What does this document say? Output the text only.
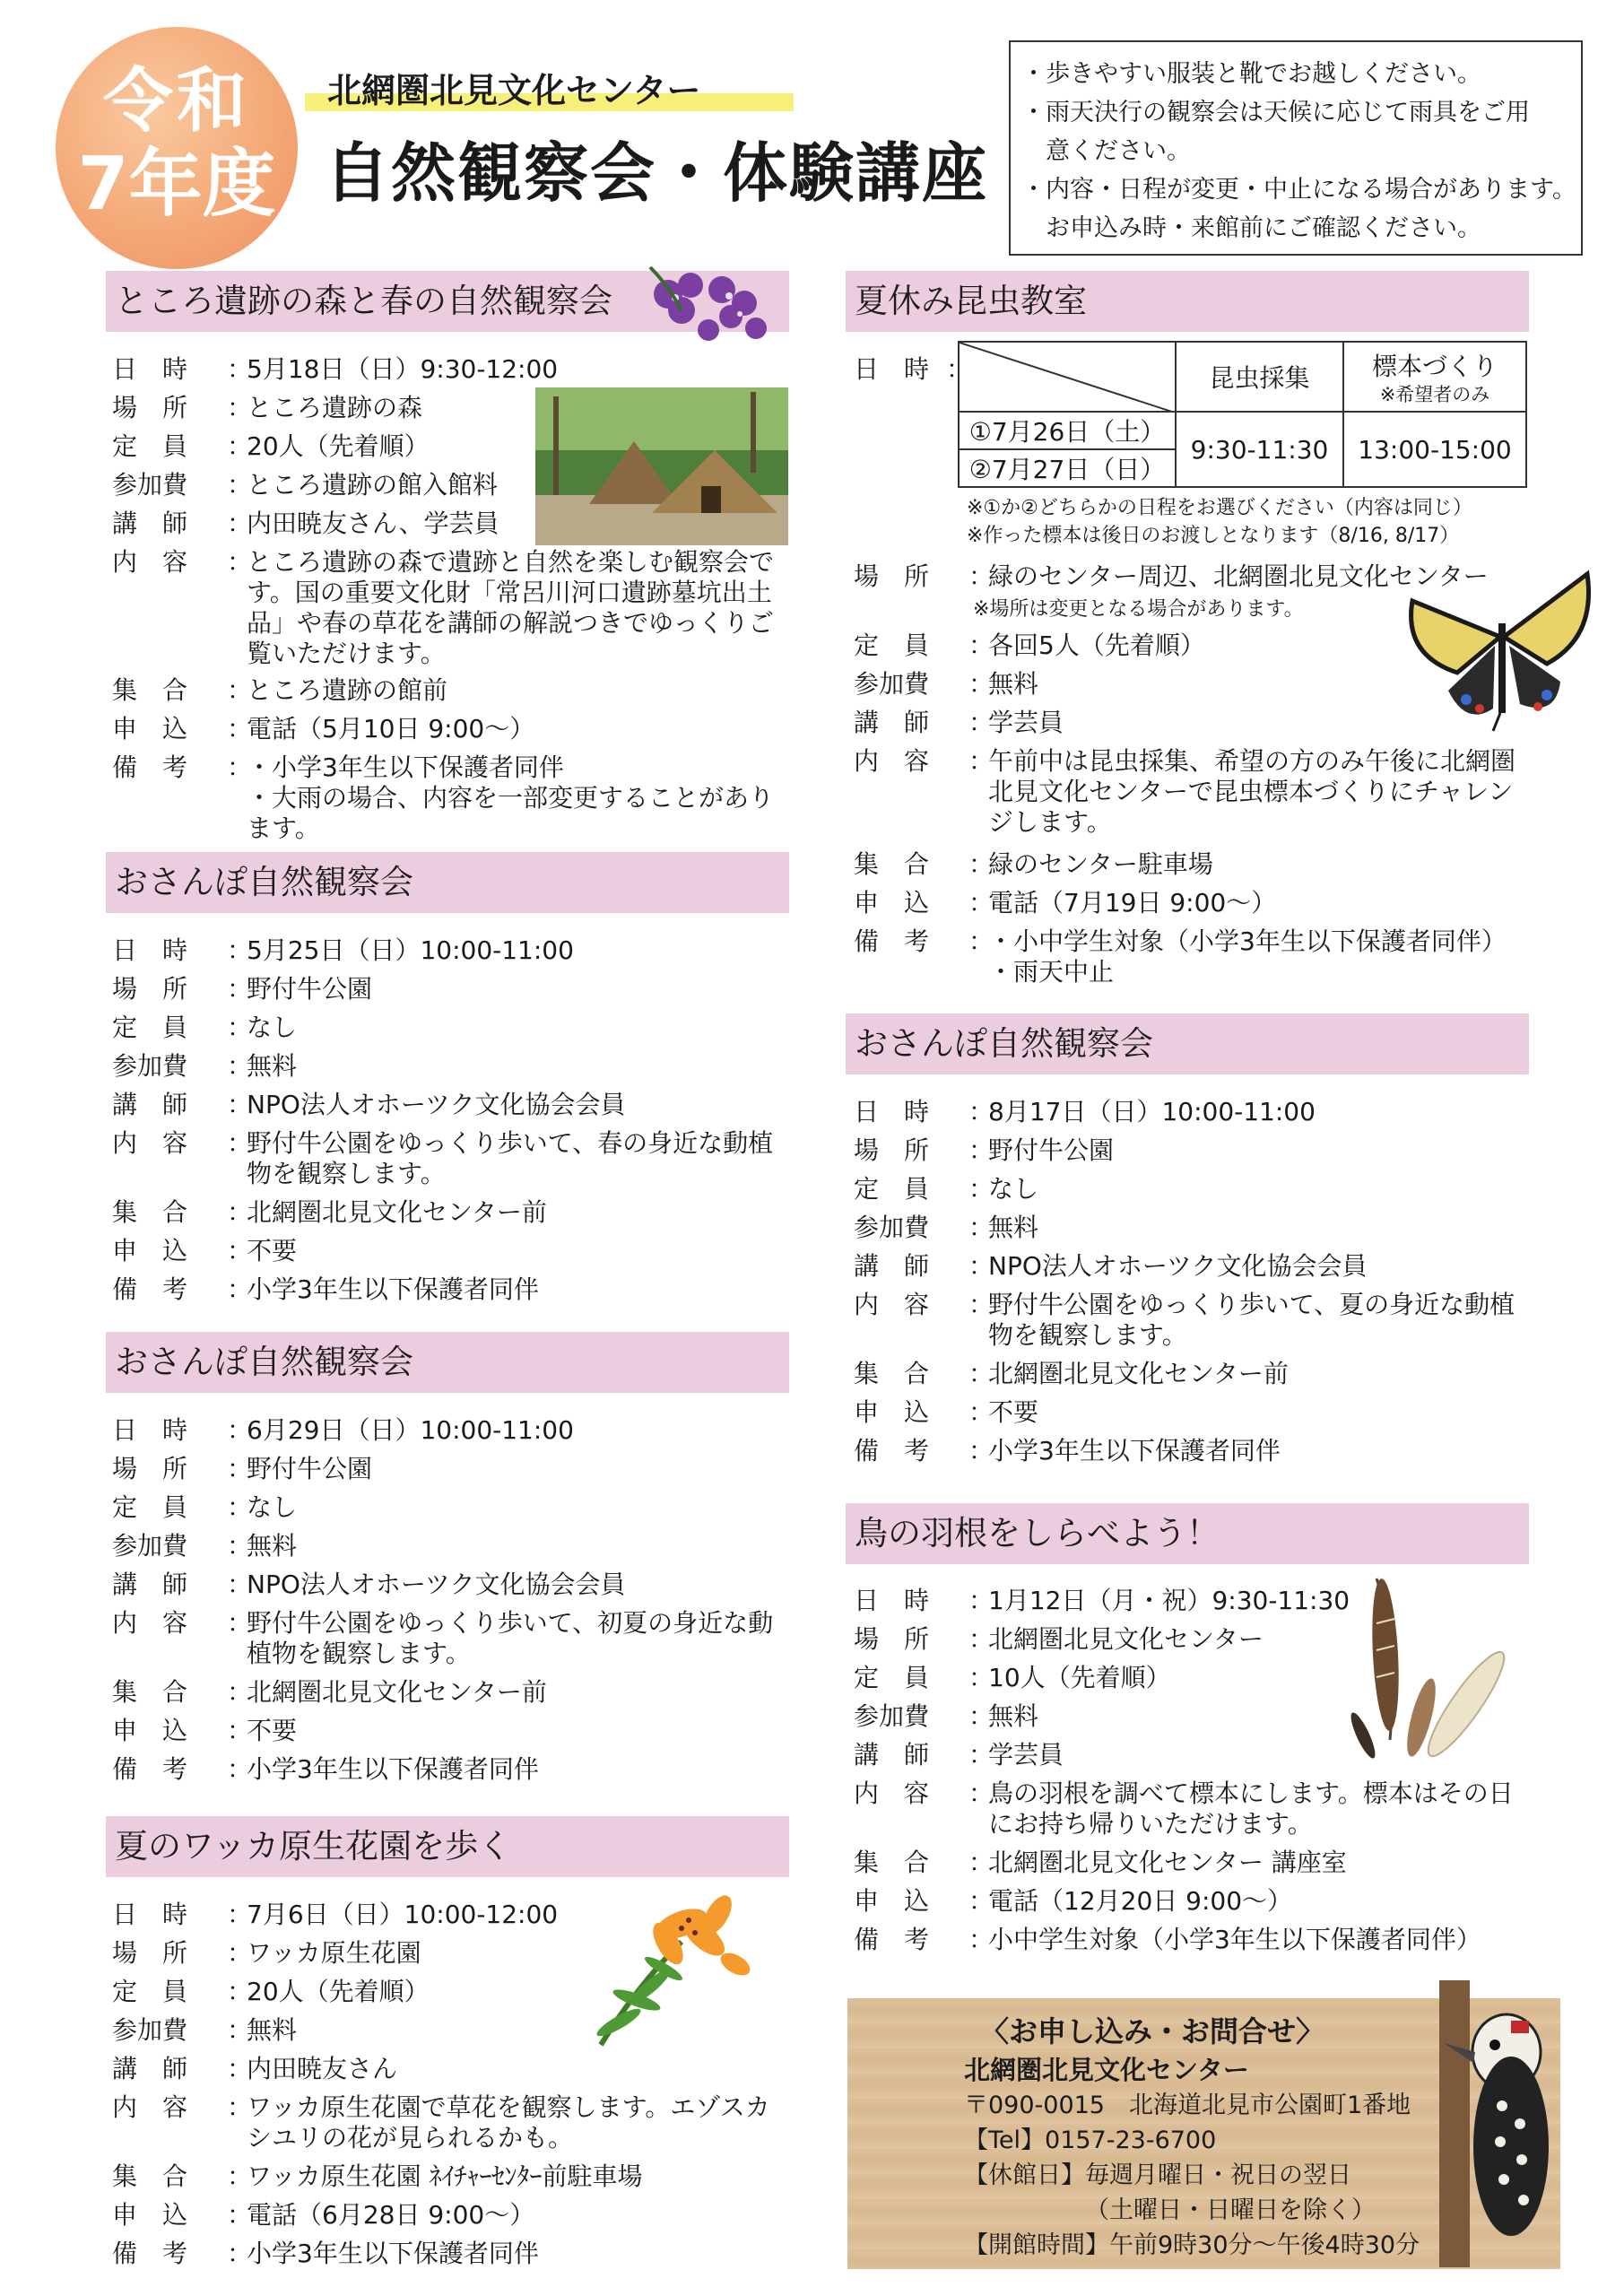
令和
7年度
北網圏北見文化センター
自然観察会・体験講座
・歩きやすい服装と靴でお越しください。
・雨天決行の観察会は天候に応じて雨具をご用
意ください。
・内容・日程が変更・中止になる場合があります。
お申込み時・来館前にご確認ください。
ところ遺跡の森と春の自然観察会
日　時	：
5月18日（日）9:30-12:00
場　所	：
ところ遺跡の森
定　員	：
20人（先着順）
参加費	：
ところ遺跡の館入館料
講　師	：
内田暁友さん、学芸員
内　容	：
ところ遺跡の森で遺跡と自然を楽しむ観察会です。国の重要文化財「常呂川河口遺跡墓坑出土品」や春の草花を講師の解説つきでゆっくりご覧いただけます。
集　合	：
ところ遺跡の館前
申　込	：
電話（5月10日 9:00～）
備　考	：
・小学3年生以下保護者同伴
・大雨の場合、内容を一部変更することがあります。
おさんぽ自然観察会
日　時	：
5月25日（日）10:00-11:00
場　所	：
野付牛公園
定　員	：
なし
参加費	：
無料
講　師	：
NPO法人オホーツク文化協会会員
内　容	：
野付牛公園をゆっくり歩いて、春の身近な動植物を観察します。
集　合	：
北網圏北見文化センター前
申　込	：
不要
備　考	：
小学3年生以下保護者同伴
おさんぽ自然観察会
日　時	：
6月29日（日）10:00-11:00
場　所	：
野付牛公園
定　員	：
なし
参加費	：
無料
講　師	：
NPO法人オホーツク文化協会会員
内　容	：
野付牛公園をゆっくり歩いて、初夏の身近な動植物を観察します。
集　合	：
北網圏北見文化センター前
申　込	：
不要
備　考	：
小学3年生以下保護者同伴
夏のワッカ原生花園を歩く
日　時	：
7月6日（日）10:00-12:00
場　所	：
ワッカ原生花園
定　員	：
20人（先着順）
参加費	：
無料
講　師	：
内田暁友さん
内　容	：
ワッカ原生花園で草花を観察します。エゾスカシユリの花が見られるかも。
集　合	：
ワッカ原生花園 ﾈｲﾁｬｰｾﾝﾀｰ前駐車場
申　込	：
電話（6月28日 9:00～）
備　考	：
小学3年生以下保護者同伴
夏休み昆虫教室
日　時 ：
		昆虫採集	標本づくり
※希望者のみ

①7月26日（土）	9:30-11:30	13:00-15:00
②7月27日（日）		
※①か②どちらかの日程をお選びください（内容は同じ）
※作った標本は後日のお渡しとなります（8/16, 8/17）
場　所	：
緑のセンター周辺、北網圏北見文化センター
※場所は変更となる場合があります。
定　員	：
各回5人（先着順）
参加費	：
無料
講　師	：
学芸員
内　容	：
午前中は昆虫採集、希望の方のみ午後に北網圏北見文化センターで昆虫標本づくりにチャレンジします。
集　合	：
緑のセンター駐車場
申　込	：
電話（7月19日 9:00～）
備　考	：
・小中学生対象（小学3年生以下保護者同伴）
・雨天中止
おさんぽ自然観察会
日　時	：
8月17日（日）10:00-11:00
場　所	：
野付牛公園
定　員	：
なし
参加費	：
無料
講　師	：
NPO法人オホーツク文化協会会員
内　容	：
野付牛公園をゆっくり歩いて、夏の身近な動植物を観察します。
集　合	：
北網圏北見文化センター前
申　込	：
不要
備　考	：
小学3年生以下保護者同伴
鳥の羽根をしらべよう！
日　時	：
1月12日（月・祝）9:30-11:30
場　所	：
北網圏北見文化センター
定　員	：
10人（先着順）
参加費	：
無料
講　師	：
学芸員
内　容	：
鳥の羽根を調べて標本にします。標本はその日にお持ち帰りいただけます。
集　合	：
北網圏北見文化センター 講座室
申　込	：
電話（12月20日 9:00～）
備　考	：
小中学生対象（小学3年生以下保護者同伴）
〈お申し込み・お問合せ〉
北網圏北見文化センター
〒090-0015　北海道北見市公園町1番地
【Tel】0157-23-6700
【休館日】毎週月曜日・祝日の翌日
（土曜日・日曜日を除く）
【開館時間】午前9時30分～午後4時30分
